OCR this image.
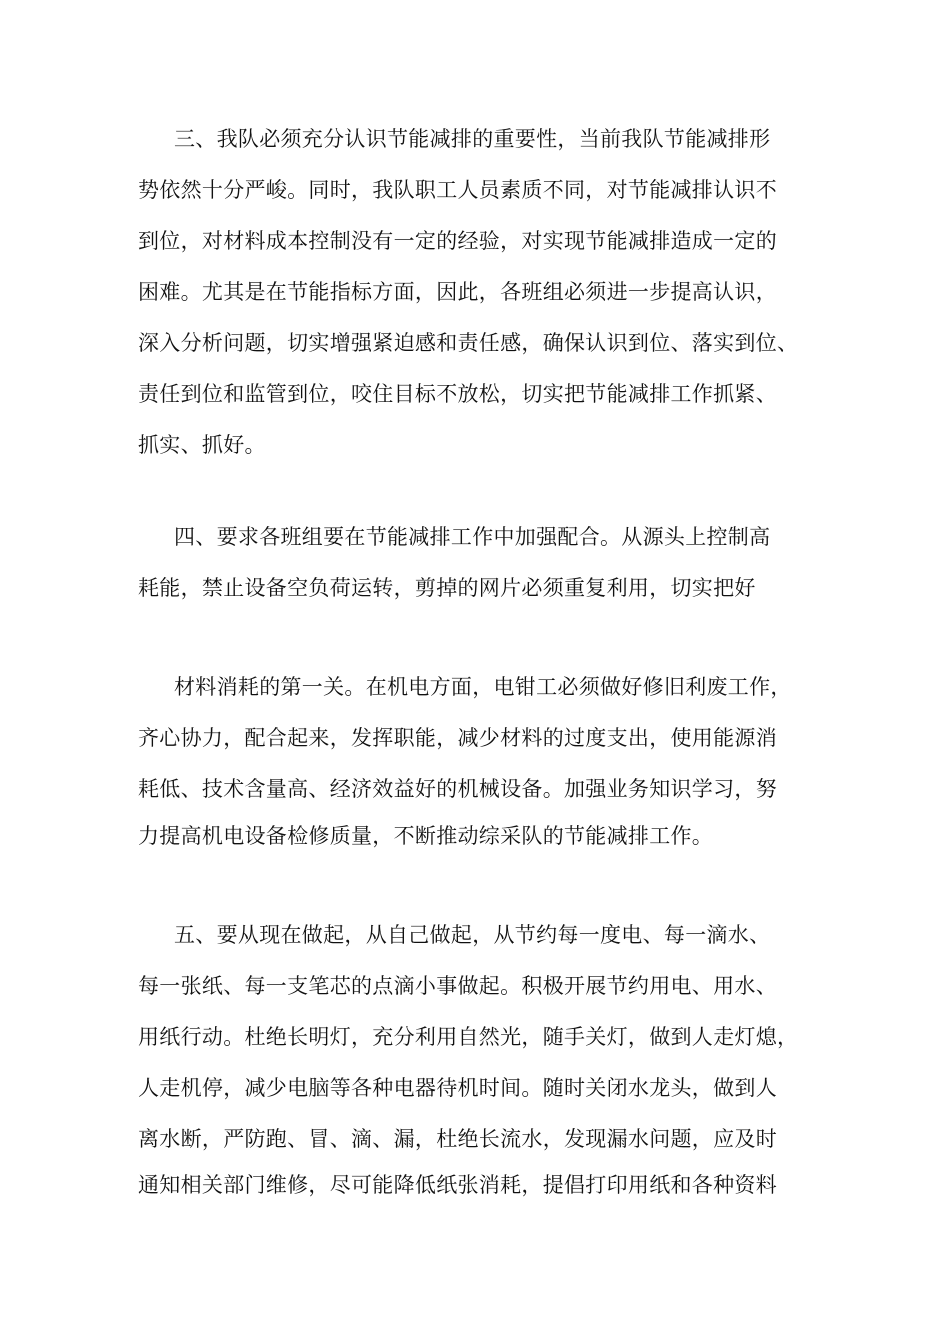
三、我队必须充分认识节能减排的重要性，当前我队节能减排形
势依然十分严峻。同时，我队职工人员素质不同，对节能减排认识不
到位，对材料成本控制没有一定的经验，对实现节能减排造成一定的
困难。尤其是在节能指标方面，因此，各班组必须进一步提高认识，
深入分析问题，切实增强紧迫感和责任感，确保认识到位、落实到位、
责任到位和监管到位，咬住目标不放松，切实把节能减排工作抓紧、
抓实、抓好。
四、要求各班组要在节能减排工作中加强配合。从源头上控制高
耗能，禁止设备空负荷运转，剪掉的网片必须重复利用，切实把好
材料消耗的第一关。在机电方面，电钳工必须做好修旧利废工作，
齐心协力，配合起来，发挥职能，减少材料的过度支出，使用能源消
耗低、技术含量高、经济效益好的机械设备。加强业务知识学习，努
力提高机电设备检修质量，不断推动综采队的节能减排工作。
五、要从现在做起，从自己做起，从节约每一度电、每一滴水、
每一张纸、每一支笔芯的点滴小事做起。积极开展节约用电、用水、
用纸行动。杜绝长明灯，充分利用自然光，随手关灯，做到人走灯熄，
人走机停，减少电脑等各种电器待机时间。随时关闭水龙头，做到人
离水断，严防跑、冒、滴、漏，杜绝长流水，发现漏水问题，应及时
通知相关部门维修，尽可能降低纸张消耗，提倡打印用纸和各种资料
